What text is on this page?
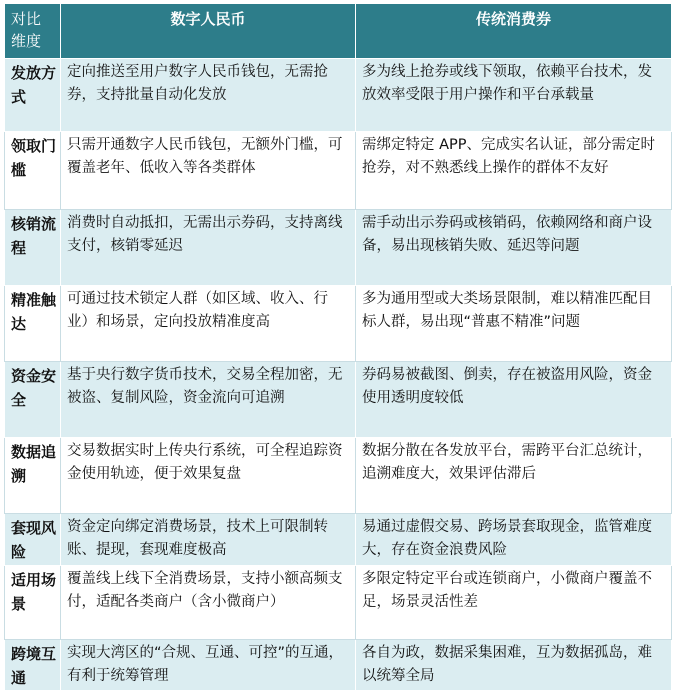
对比维度	数字人民币	传统消费券
发放方式	定向推送至用户数字人民币钱包，无需抢券，支持批量自动化发放	多为线上抢券或线下领取，依赖平台技术，发放效率受限于用户操作和平台承载量
领取门槛	只需开通数字人民币钱包，无额外门槛，可覆盖老年、低收入等各类群体	需绑定特定 APP、完成实名认证，部分需定时抢券，对不熟悉线上操作的群体不友好
核销流程	消费时自动抵扣，无需出示券码，支持离线支付，核销零延迟	需手动出示券码或核销码，依赖网络和商户设备，易出现核销失败、延迟等问题
精准触达	可通过技术锁定人群（如区域、收入、行业）和场景，定向投放精准度高	多为通用型或大类场景限制，难以精准匹配目标人群，易出现“普惠不精准”问题
资金安全	基于央行数字货币技术，交易全程加密，无被盗、复制风险，资金流向可追溯	券码易被截图、倒卖，存在被盗用风险，资金使用透明度较低
数据追溯	交易数据实时上传央行系统，可全程追踪资金使用轨迹，便于效果复盘	数据分散在各发放平台，需跨平台汇总统计，追溯难度大，效果评估滞后
套现风险	资金定向绑定消费场景，技术上可限制转账、提现，套现难度极高	易通过虚假交易、跨场景套取现金，监管难度大，存在资金浪费风险
适用场景	覆盖线上线下全消费场景，支持小额高频支付，适配各类商户（含小微商户）	多限定特定平台或连锁商户，小微商户覆盖不足，场景灵活性差
跨境互通	实现大湾区的“合规、互通、可控”的互通，有利于统筹管理	各自为政，数据采集困难，互为数据孤岛，难以统筹全局
